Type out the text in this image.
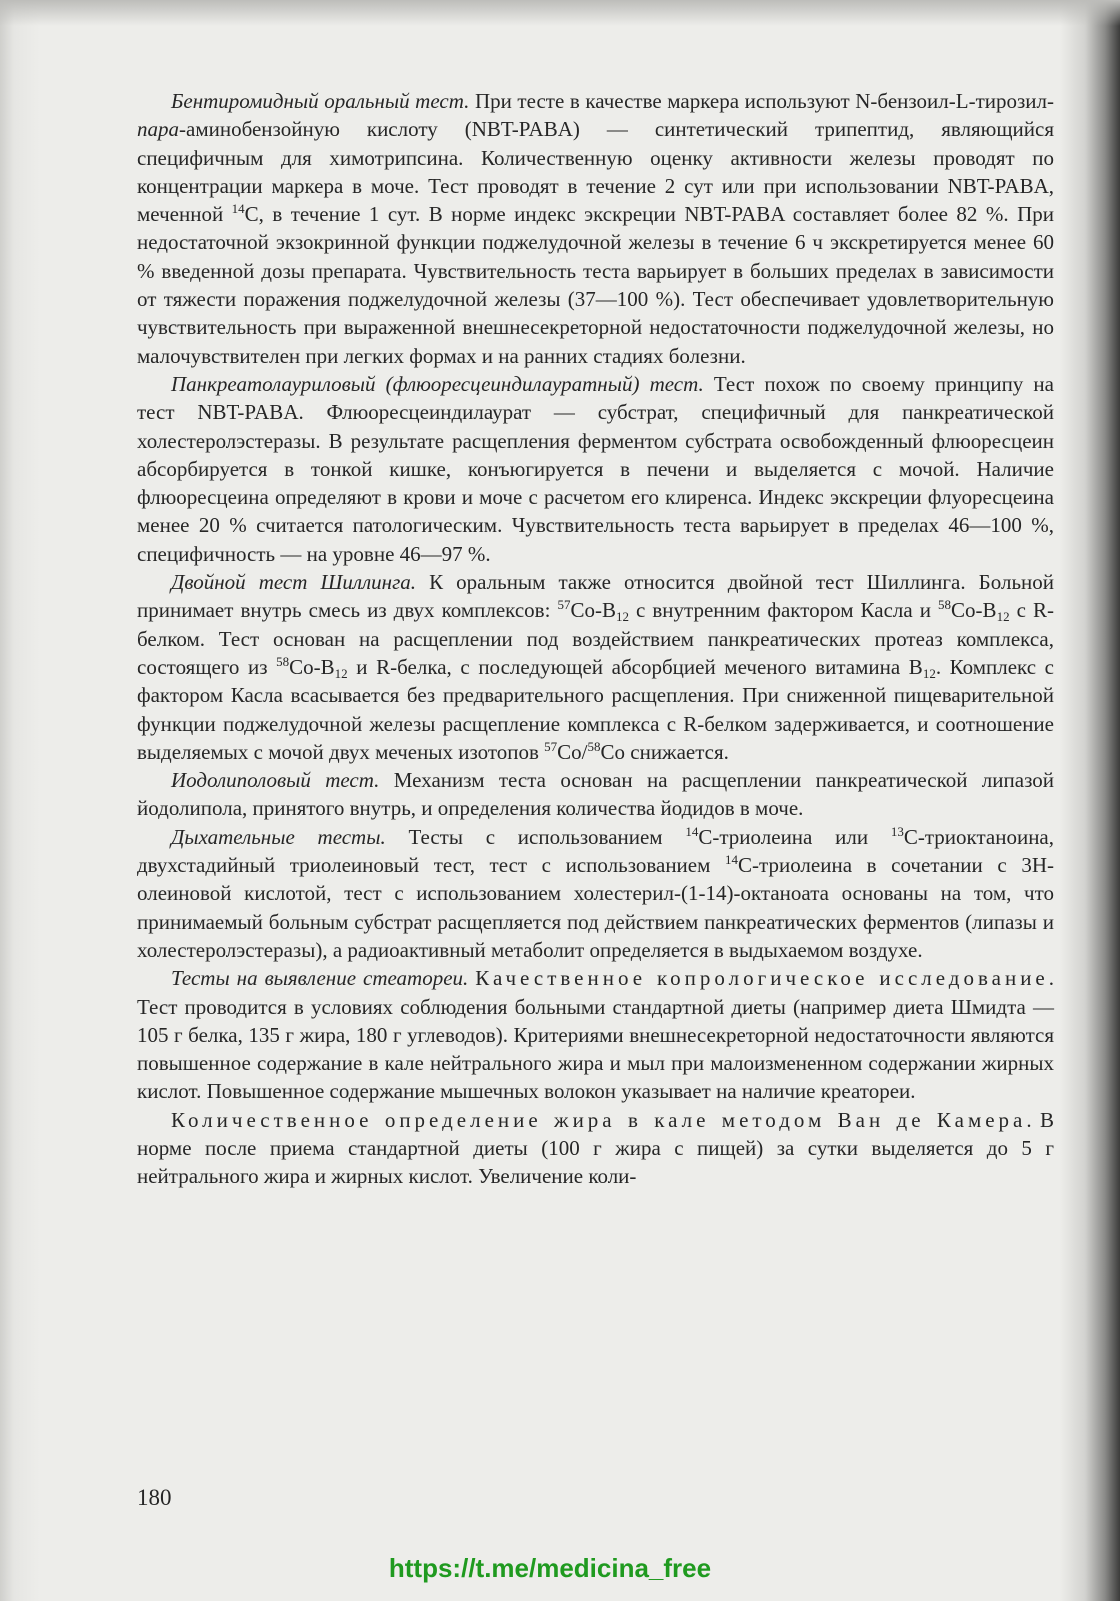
Бентиромидный оральный тест. При тесте в качестве маркера используют N-бензоил-L-тирозил-пара-аминобензойную кислоту (NBT-PABA) — синтетический трипептид, являющийся специфичным для химотрипсина. Количественную оценку активности железы проводят по концентрации маркера в моче. Тест проводят в течение 2 сут или при использовании NBT-PABA, меченной $^{14}$C, в течение 1 сут. В норме индекс экскреции NBT-PABA составляет более 82 %. При недостаточной экзокринной функции поджелудочной железы в течение 6 ч экскретируется менее 60 % введенной дозы препарата. Чувствительность теста варьирует в больших пределах в зависимости от тяжести поражения поджелудочной железы (37—100 %). Тест обеспечивает удовлетворительную чувствительность при выраженной внешнесекреторной недостаточности поджелудочной железы, но малочувствителен при легких формах и на ранних стадиях болезни.

Панкреатолауриловый (флюоресцеиндилауратный) тест. Тест похож по своему принципу на тест NBT-PABA. Флюоресцеиндилаурат — субстрат, специфичный для панкреатической холестеролэстеразы. В результате расщепления ферментом субстрата освобожденный флюоресцеин абсорбируется в тонкой кишке, конъюгируется в печени и выделяется с мочой. Наличие флюоресцеина определяют в крови и моче с расчетом его клиренса. Индекс экскреции флуоресцеина менее 20 % считается патологическим. Чувствительность теста варьирует в пределах 46—100 %, специфичность — на уровне 46—97 %.

Двойной тест Шиллинга. К оральным также относится двойной тест Шиллинга. Больной принимает внутрь смесь из двух комплексов: $^{57}Co-B_{12}$ с внутренним фактором Касла и $^{58}Co-B_{12}$ с R-белком. Тест основан на расщеплении под воздействием панкреатических протеаз комплекса, состоящего из $^{58}Co-B_{12}$ и R-белка, с последующей абсорбцией меченого витамина $B_{12}$. Комплекс с фактором Касла всасывается без предварительного расщепления. При сниженной пищеварительной функции поджелудочной железы расщепление комплекса с R-белком задерживается, и соотношение выделяемых с мочой двух меченых изотопов $^{57}$Co/$^{58}$Co снижается.

Иодолиполовый тест. Механизм теста основан на расщеплении панкреатической липазой йодолипола, принятого внутрь, и определения количества йодидов в моче.

Дыхательные тесты. Тесты с использованием $^{14}$C-триолеина или $^{13}$C-триоктаноина, двухстадийный триолеиновый тест, тест с использованием $^{14}$C-триолеина в сочетании с 3H-олеиновой кислотой, тест с использованием холестерил-(1-14)-октаноата основаны на том, что принимаемый больным субстрат расщепляется под действием панкреатических ферментов (липазы и холестеролэстеразы), а радиоактивный метаболит определяется в выдыхаемом воздухе.

Тесты на выявление стеатореи. Качественное копрологическое исследование. Тест проводится в условиях соблюдения больными стандартной диеты (например диета Шмидта — 105 г белка, 135 г жира, 180 г углеводов). Критериями внешнесекреторной недостаточности являются повышенное содержание в кале нейтрального жира и мыл при малоизмененном содержании жирных кислот. Повышенное содержание мышечных волокон указывает на наличие креатореи.

Количественное определение жира в кале методом Ван де Камера. В норме после приема стандартной диеты (100 г жира с пищей) за сутки выделяется до 5 г нейтрального жира и жирных кислот. Увеличение коли-

180
https://t.me/medicina_free
